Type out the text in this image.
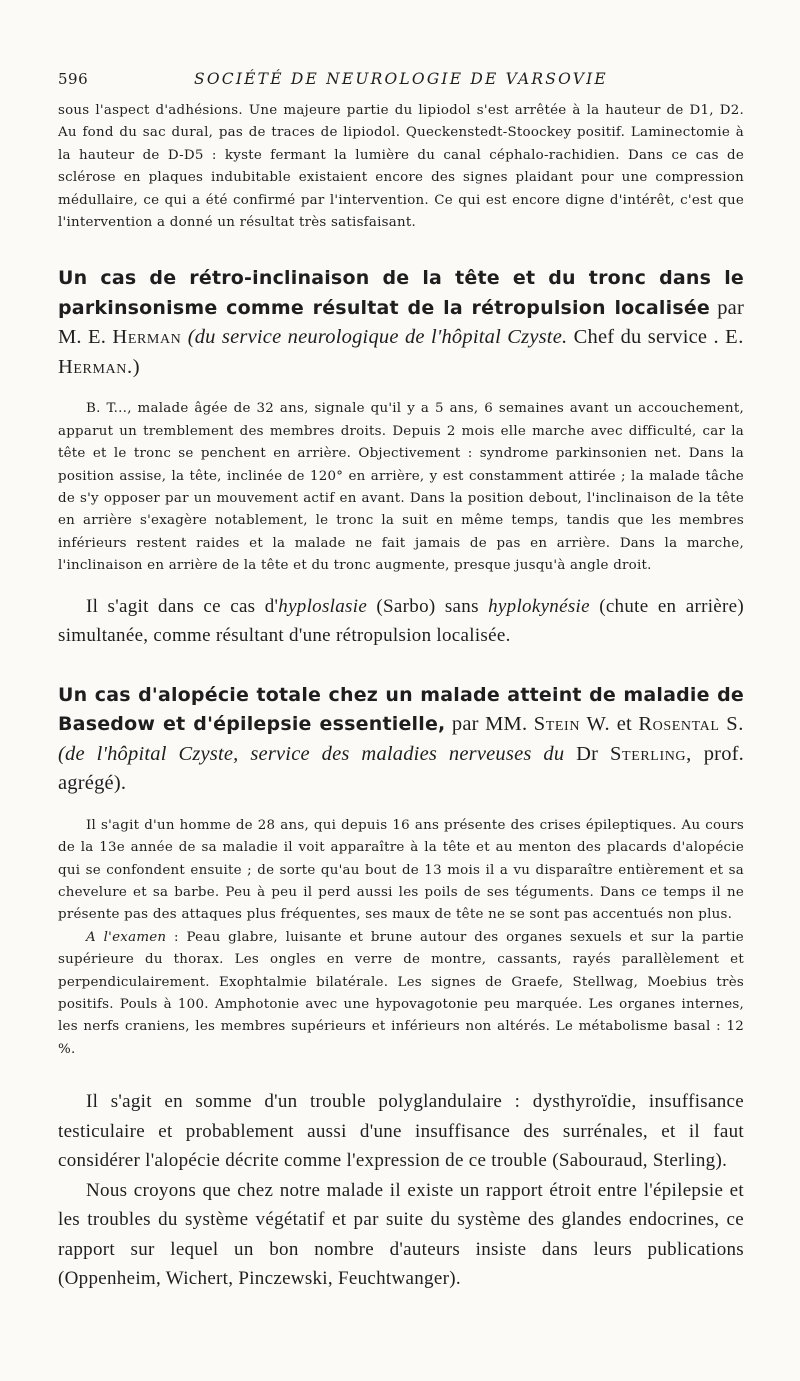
596	SOCIÉTÉ DE NEUROLOGIE DE VARSOVIE

sous l'aspect d'adhésions. Une majeure partie du lipiodol s'est arrêtée à la hauteur de D1, D2. Au fond du sac dural, pas de traces de lipiodol. Queckenstedt-Stoockey positif. Laminectomie à la hauteur de D-D5 : kyste fermant la lumière du canal céphalo-rachidien. Dans ce cas de sclérose en plaques indubitable existaient encore des signes plaidant pour une compression médullaire, ce qui a été confirmé par l'intervention. Ce qui est encore digne d'intérêt, c'est que l'intervention a donné un résultat très satisfaisant.

Un cas de rétro-inclinaison de la tête et du tronc dans le parkinsonisme comme résultat de la rétropulsion localisée par M. E. Herman (du service neurologique de l'hôpital Czyste. Chef du service . E. Herman.)

B. T..., malade âgée de 32 ans, signale qu'il y a 5 ans, 6 semaines avant un accouchement, apparut un tremblement des membres droits. Depuis 2 mois elle marche avec difficulté, car la tête et le tronc se penchent en arrière. Objectivement : syndrome parkinsonien net. Dans la position assise, la tête, inclinée de 120° en arrière, y est constamment attirée ; la malade tâche de s'y opposer par un mouvement actif en avant. Dans la position debout, l'inclinaison de la tête en arrière s'exagère notablement, le tronc la suit en même temps, tandis que les membres inférieurs restent raides et la malade ne fait jamais de pas en arrière. Dans la marche, l'inclinaison en arrière de la tête et du tronc augmente, presque jusqu'à angle droit.

Il s'agit dans ce cas d'hyploslasie (Sarbo) sans hyplokynésie (chute en arrière) simultanée, comme résultant d'une rétropulsion localisée.

Un cas d'alopécie totale chez un malade atteint de maladie de Basedow et d'épilepsie essentielle, par MM. Stein W. et Rosental S. (de l'hôpital Czyste, service des maladies nerveuses du Dr Sterling, prof. agrégé).

Il s'agit d'un homme de 28 ans, qui depuis 16 ans présente des crises épileptiques. Au cours de la 13e année de sa maladie il voit apparaître à la tête et au menton des placards d'alopécie qui se confondent ensuite ; de sorte qu'au bout de 13 mois il a vu disparaître entièrement et sa chevelure et sa barbe. Peu à peu il perd aussi les poils de ses téguments. Dans ce temps il ne présente pas des attaques plus fréquentes, ses maux de tête ne se sont pas accentués non plus.

A l'examen : Peau glabre, luisante et brune autour des organes sexuels et sur la partie supérieure du thorax. Les ongles en verre de montre, cassants, rayés parallèlement et perpendiculairement. Exophtalmie bilatérale. Les signes de Graefe, Stellwag, Moebius très positifs. Pouls à 100. Amphotonie avec une hypovagotonie peu marquée. Les organes internes, les nerfs craniens, les membres supérieurs et inférieurs non altérés. Le métabolisme basal : 12 %.

Il s'agit en somme d'un trouble polyglandulaire : dysthyroïdie, insuffisance testiculaire et probablement aussi d'une insuffisance des surrénales, et il faut considérer l'alopécie décrite comme l'expression de ce trouble (Sabouraud, Sterling).

Nous croyons que chez notre malade il existe un rapport étroit entre l'épilepsie et les troubles du système végétatif et par suite du système des glandes endocrines, ce rapport sur lequel un bon nombre d'auteurs insiste dans leurs publications (Oppenheim, Wichert, Pinczewski, Feuchtwanger).
